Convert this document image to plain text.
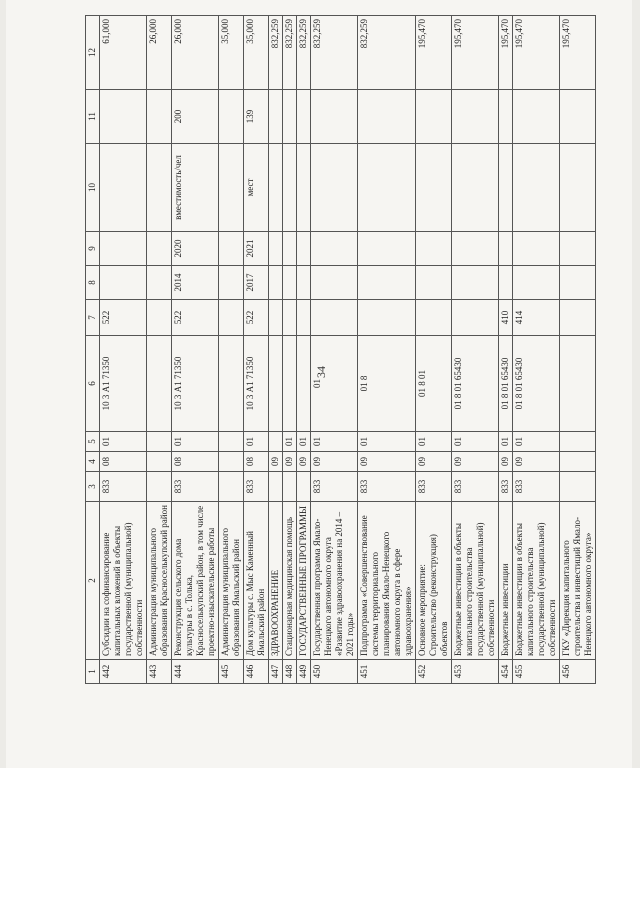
34
1	2	3	4	5	6	7	8	9	10	11	12
442	Субсидии на софинансирование капитальных вложений в объекты государственной (муниципальной) собственности	833	08	01	10 3 А1 71350	522					61,000
443	Администрация муниципального образования Красноселькупский район										26,000
444	Реконструкция сельского дома культуры в с. Толька, Красноселькупский район, в том числе проектно-изыскательские работы	833	08	01	10 3 А1 71350	522	2014	2020	вместимость/чел	200	26,000
445	Администрация муниципального образования Ямальский район										35,000
446	Дом культуры с. Мыс Каменный Ямальский район	833	08	01	10 3 А1 71350	522	2017	2021	мест	139	35,000
447	ЗДРАВООХРАНЕНИЕ		09								832,259
448	Стационарная медицинская помощь		09	01							832,259
449	ГОСУДАРСТВЕННЫЕ ПРОГРАММЫ		09	01							832,259
450	Государственная программа Ямало-Ненецкого автономного округа «Развитие здравоохранения на 2014 – 2021 годы»	833	09	01	01						832,259
451	Подпрограмма «Совершенствование системы территориального планирования Ямало-Ненецкого автономного округа в сфере здравоохранения»	833	09	01	01 8						832,259
452	Основное мероприятие: Строительство (реконструкция) объектов	833	09	01	01 8 01						195,470
453	Бюджетные инвестиции в объекты капитального строительства государственной (муниципальной) собственности	833	09	01	01 8 01 65430						195,470
454	Бюджетные инвестиции	833	09	01	01 8 01 65430	410					195,470
455	Бюджетные инвестиции в объекты капитального строительства государственной (муниципальной) собственности	833	09	01	01 8 01 65430	414					195,470
456	ГКУ «Дирекция капитального строительства и инвестиций Ямало-Ненецкого автономного округа»										195,470
